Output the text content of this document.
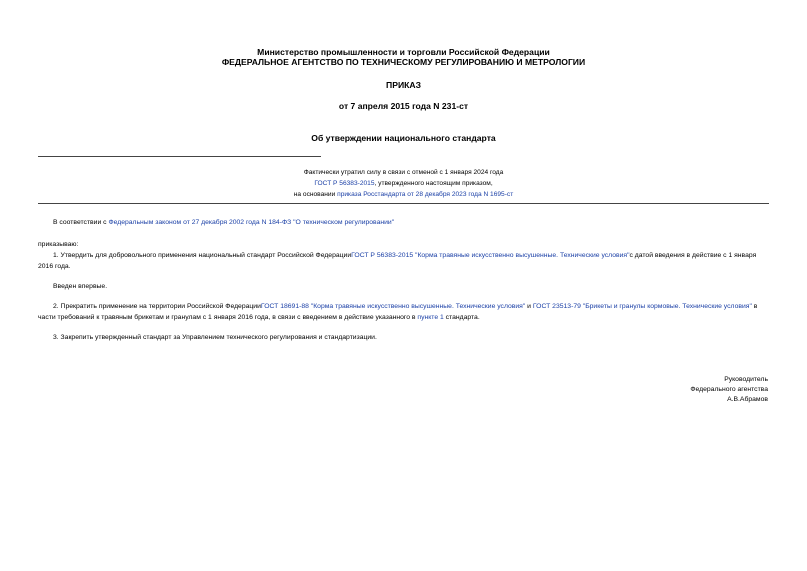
Министерство промышленности и торговли Российской Федерации
ФЕДЕРАЛЬНОЕ АГЕНТСТВО ПО ТЕХНИЧЕСКОМУ РЕГУЛИРОВАНИЮ И МЕТРОЛОГИИ
ПРИКАЗ
от 7 апреля 2015 года N 231-ст
Об утверждении национального стандарта
Фактически утратил силу в связи с отменой с 1 января 2024 года
ГОСТ Р 56383-2015, утвержденного настоящим приказом,
на основании приказа Росстандарта от 28 декабря 2023 года N 1695-ст
В соответствии с Федеральным законом от 27 декабря 2002 года N 184-ФЗ "О техническом регулировании"
приказываю:
1. Утвердить для добровольного применения национальный стандарт Российской ФедерацииГОСТ Р 56383-2015 "Корма травяные искусственно высушенные. Технические условия"с датой введения в действие с 1 января 2016 года.
Введен впервые.
2. Прекратить применение на территории Российской ФедерацииГОСТ 18691-88 "Корма травяные искусственно высушенные. Технические условия" и ГОСТ 23513-79 "Брикеты и гранулы кормовые. Технические условия" в части требований к травяным брикетам и гранулам с 1 января 2016 года, в связи с введением в действие указанного в пункте 1 стандарта.
3. Закрепить утвержденный стандарт за Управлением технического регулирования и стандартизации.
Руководитель
Федерального агентства
А.В.Абрамов
